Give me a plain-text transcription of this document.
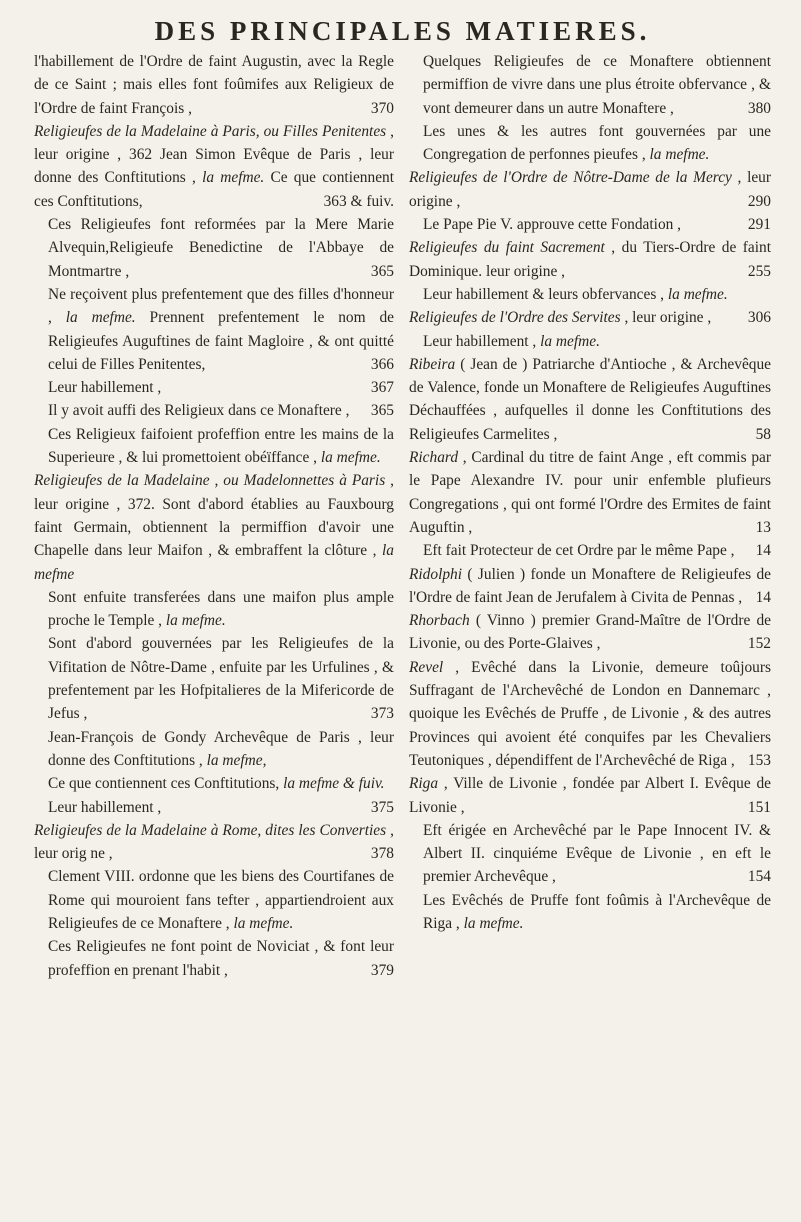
DES PRINCIPALES MATIERES.

l'habillement de l'Ordre de faint Augustin, avec la Regle de ce Saint ; mais elles font foûmifes aux Religieux de l'Ordre de faint François ,	370

Religieufes de la Madelaine à Paris, ou Filles Penitentes , leur origine , 362 Jean Simon Evêque de Paris , leur donne des Conftitutions , la mefme. Ce que contiennent ces Conftitutions,	363 & fuiv.

Ces Religieufes font reformées par la Mere Marie Alvequin,Religieufe Benedictine de l'Abbaye de Montmartre ,	365

Ne reçoivent plus prefentement que des filles d'honneur , la mefme. Prennent prefentement le nom de Religieufes Auguftines de faint Magloire , & ont quitté celui de Filles Penitentes,	366

Leur habillement ,	367

Il y avoit auffi des Religieux dans ce Monaftere ,	365

Ces Religieux faifoient profeffion entre les mains de la Superieure , & lui promettoient obéïffance , la mefme.

Religieufes de la Madelaine , ou Madelonnettes à Paris , leur origine , 372. Sont d'abord établies au Fauxbourg faint Germain, obtiennent la permiffion d'avoir une Chapelle dans leur Maifon , & embraffent la clôture , la mefme

Sont enfuite transferées dans une maifon plus ample proche le Temple , la mefme.

Sont d'abord gouvernées par les Religieufes de la Vifitation de Nôtre-Dame , enfuite par les Urfulines , & prefentement par les Hofpitalieres de la Mifericorde de Jefus ,	373

Jean-François de Gondy Archevêque de Paris , leur donne des Conftitutions , la mefme,

Ce que contiennent ces Conftitutions, la mefme & fuiv.

Leur habillement ,	375

Religieufes de la Madelaine à Rome, dites les Converties , leur orig ne ,	378

Clement VIII. ordonne que les biens des Courtifanes de Rome qui mouroient fans tefter , appartiendroient aux Religieufes de ce Monaftere , la mefme.

Ces Religieufes ne font point de Noviciat , & font leur profeffion en prenant l'habit ,	379

Quelques Religieufes de ce Monaftere obtiennent permiffion de vivre dans une plus étroite obfervance , & vont demeurer dans un autre Monaftere ,	380

Les unes & les autres font gouvernées par une Congregation de perfonnes pieufes , la mefme.

Religieufes de l'Ordre de Nôtre-Dame de la Mercy , leur origine ,	290

Le Pape Pie V. approuve cette Fondation ,	291

Religieufes du faint Sacrement , du Tiers-Ordre de faint Dominique. leur origine ,	255

Leur habillement & leurs obfervances , la mefme.

Religieufes de l'Ordre des Servites , leur origine ,	306

Leur habillement , la mefme.

Ribeira ( Jean de ) Patriarche d'Antioche , & Archevêque de Valence, fonde un Monaftere de Religieufes Auguftines Déchauffées , aufquelles il donne les Conftitutions des Religieufes Carmelites ,	58

Richard , Cardinal du titre de faint Ange , eft commis par le Pape Alexandre IV. pour unir enfemble plufieurs Congregations , qui ont formé l'Ordre des Ermites de faint Auguftin ,	13

Eft fait Protecteur de cet Ordre par le même Pape ,	14

Ridolphi ( Julien ) fonde un Monaftere de Religieufes de l'Ordre de faint Jean de Jerufalem à Civita de Pennas , 14

Rhorbach ( Vinno ) premier Grand-Maître de l'Ordre de Livonie, ou des Porte-Glaives ,	152

Revel , Evêché dans la Livonie, demeure toûjours Suffragant de l'Archevêché de London en Dannemarc , quoique les Evêchés de Pruffe , de Livonie , & des autres Provinces qui avoient été conquifes par les Chevaliers Teutoniques , dépendiffent de l'Archevêché de Riga , 153

Riga , Ville de Livonie , fondée par Albert I. Evêque de Livonie ,	151

Eft érigée en Archevêché par le Pape Innocent IV. & Albert II. cinquiéme Evêque de Livonie , en eft le premier Archevêque ,	154

Les Evêchés de Pruffe font foûmis à l'Archevêque de Riga , la mefme.
